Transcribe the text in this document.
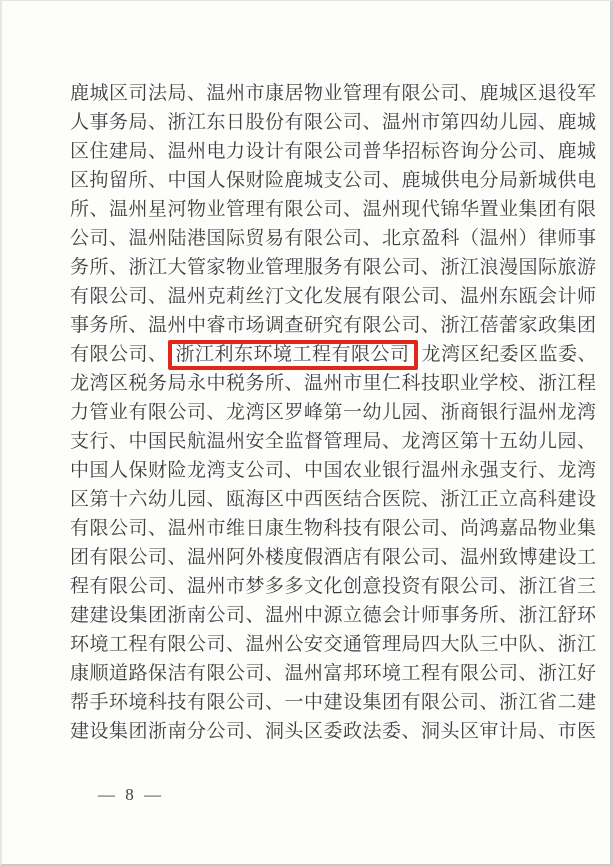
鹿城区司法局、温州市康居物业管理有限公司、鹿城区退役军
人事务局、浙江东日股份有限公司、温州市第四幼儿园、鹿城
区住建局、温州电力设计有限公司普华招标咨询分公司、鹿城
区拘留所、中国人保财险鹿城支公司、鹿城供电分局新城供电
所、温州星河物业管理有限公司、温州现代锦华置业集团有限
公司、温州陆港国际贸易有限公司、北京盈科（温州）律师事
务所、浙江大管家物业管理服务有限公司、浙江浪漫国际旅游
有限公司、温州克莉丝汀文化发展有限公司、温州东瓯会计师
事务所、温州中睿市场调查研究有限公司、浙江蓓蕾家政集团
有限公司、 浙江利东环境工程有限公司 龙湾区纪委区监委、
龙湾区税务局永中税务所、温州市里仁科技职业学校、浙江程
力管业有限公司、龙湾区罗峰第一幼儿园、浙商银行温州龙湾
支行、中国民航温州安全监督管理局、龙湾区第十五幼儿园、
中国人保财险龙湾支公司、中国农业银行温州永强支行、龙湾
区第十六幼儿园、瓯海区中西医结合医院、浙江正立高科建设
有限公司、温州市维日康生物科技有限公司、尚鸿嘉品物业集
团有限公司、温州阿外楼度假酒店有限公司、温州致博建设工
程有限公司、温州市梦多多文化创意投资有限公司、浙江省三
建建设集团浙南公司、温州中源立德会计师事务所、浙江舒环
环境工程有限公司、温州公安交通管理局四大队三中队、浙江
康顺道路保洁有限公司、温州富邦环境工程有限公司、浙江好
帮手环境科技有限公司、一中建设集团有限公司、浙江省二建
建设集团浙南分公司、洞头区委政法委、洞头区审计局、市医
— 8 —
